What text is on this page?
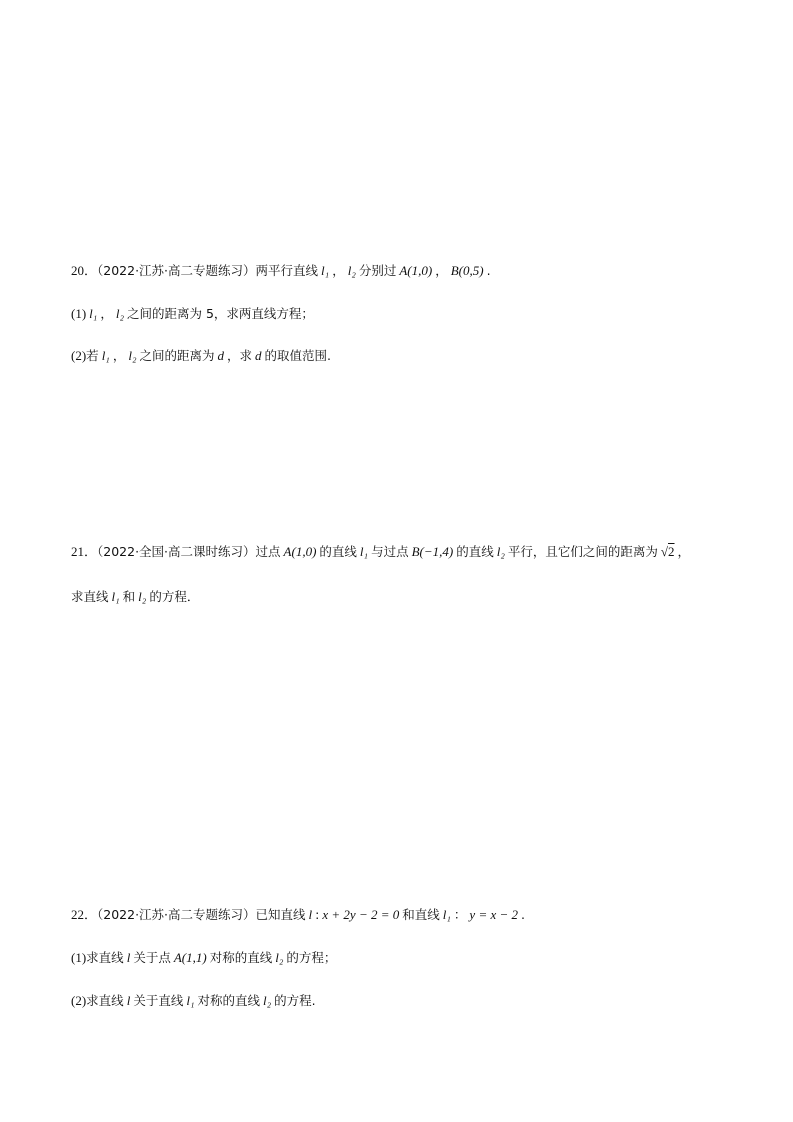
20．（2022·江苏·高二专题练习）两平行直线 l₁ ， l₂ 分别过 A(1,0) ， B(0,5) .
(1) l₁ ， l₂ 之间的距离为 5，求两直线方程；
(2)若 l₁ ， l₂ 之间的距离为 d ，求 d 的取值范围.
21．（2022·全国·高二课时练习）过点 A(1,0) 的直线 l₁ 与过点 B(−1,4) 的直线 l₂ 平行，且它们之间的距离为 √2 ，
求直线 l₁ 和 l₂ 的方程．
22．（2022·江苏·高二专题练习）已知直线 l : x + 2y − 2 = 0 和直线 l₁ ： y = x − 2 .
(1)求直线 l 关于点 A(1,1) 对称的直线 l₂ 的方程；
(2)求直线 l 关于直线 l₁ 对称的直线 l₂ 的方程.
